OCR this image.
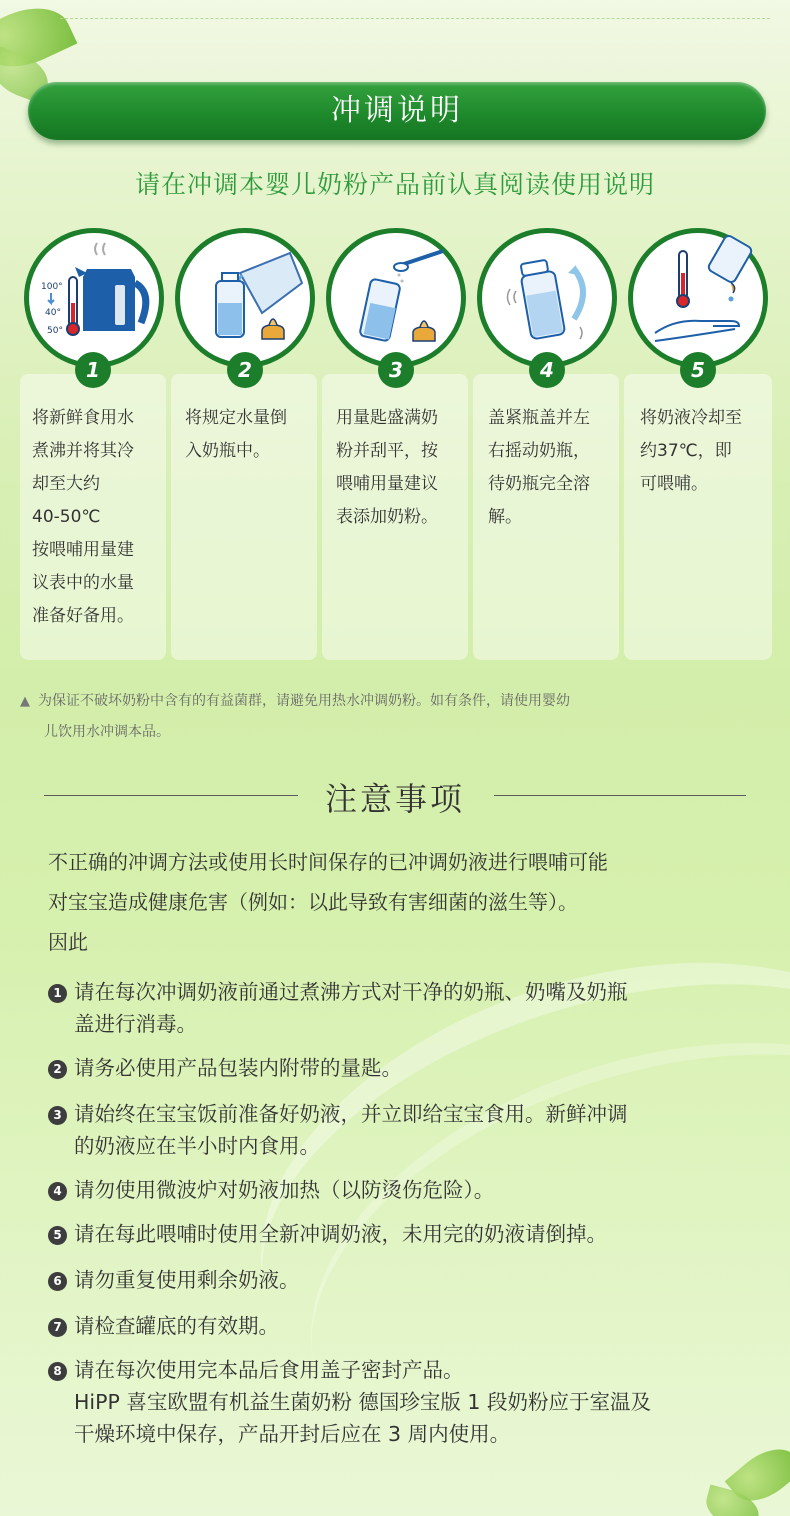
冲调说明
请在冲调本婴儿奶粉产品前认真阅读使用说明
100°
40°
50°
1
将新鲜食用水
煮沸并将其冷
却至大约
40-50℃
按喂哺用量建
议表中的水量
准备好备用。
2
将规定水量倒
入奶瓶中。
3
用量匙盛满奶
粉并刮平，按
喂哺用量建议
表添加奶粉。
4
盖紧瓶盖并左
右摇动奶瓶，
待奶瓶完全溶
解。
5
将奶液冷却至
约37℃，即
可喂哺。
▲ 为保证不破坏奶粉中含有的有益菌群，请避免用热水冲调奶粉。如有条件，请使用婴幼
儿饮用水冲调本品。
注意事项
不正确的冲调方法或使用长时间保存的已冲调奶液进行喂哺可能
对宝宝造成健康危害（例如：以此导致有害细菌的滋生等）。
因此
1 请在每次冲调奶液前通过煮沸方式对干净的奶瓶、奶嘴及奶瓶
盖进行消毒。
2 请务必使用产品包装内附带的量匙。
3 请始终在宝宝饭前准备好奶液，并立即给宝宝食用。新鲜冲调
的奶液应在半小时内食用。
4 请勿使用微波炉对奶液加热（以防烫伤危险）。
5 请在每此喂哺时使用全新冲调奶液，未用完的奶液请倒掉。
6 请勿重复使用剩余奶液。
7 请检查罐底的有效期。
8 请在每次使用完本品后食用盖子密封产品。
HiPP 喜宝欧盟有机益生菌奶粉 德国珍宝版 1 段奶粉应于室温及
干燥环境中保存，产品开封后应在 3 周内使用。
